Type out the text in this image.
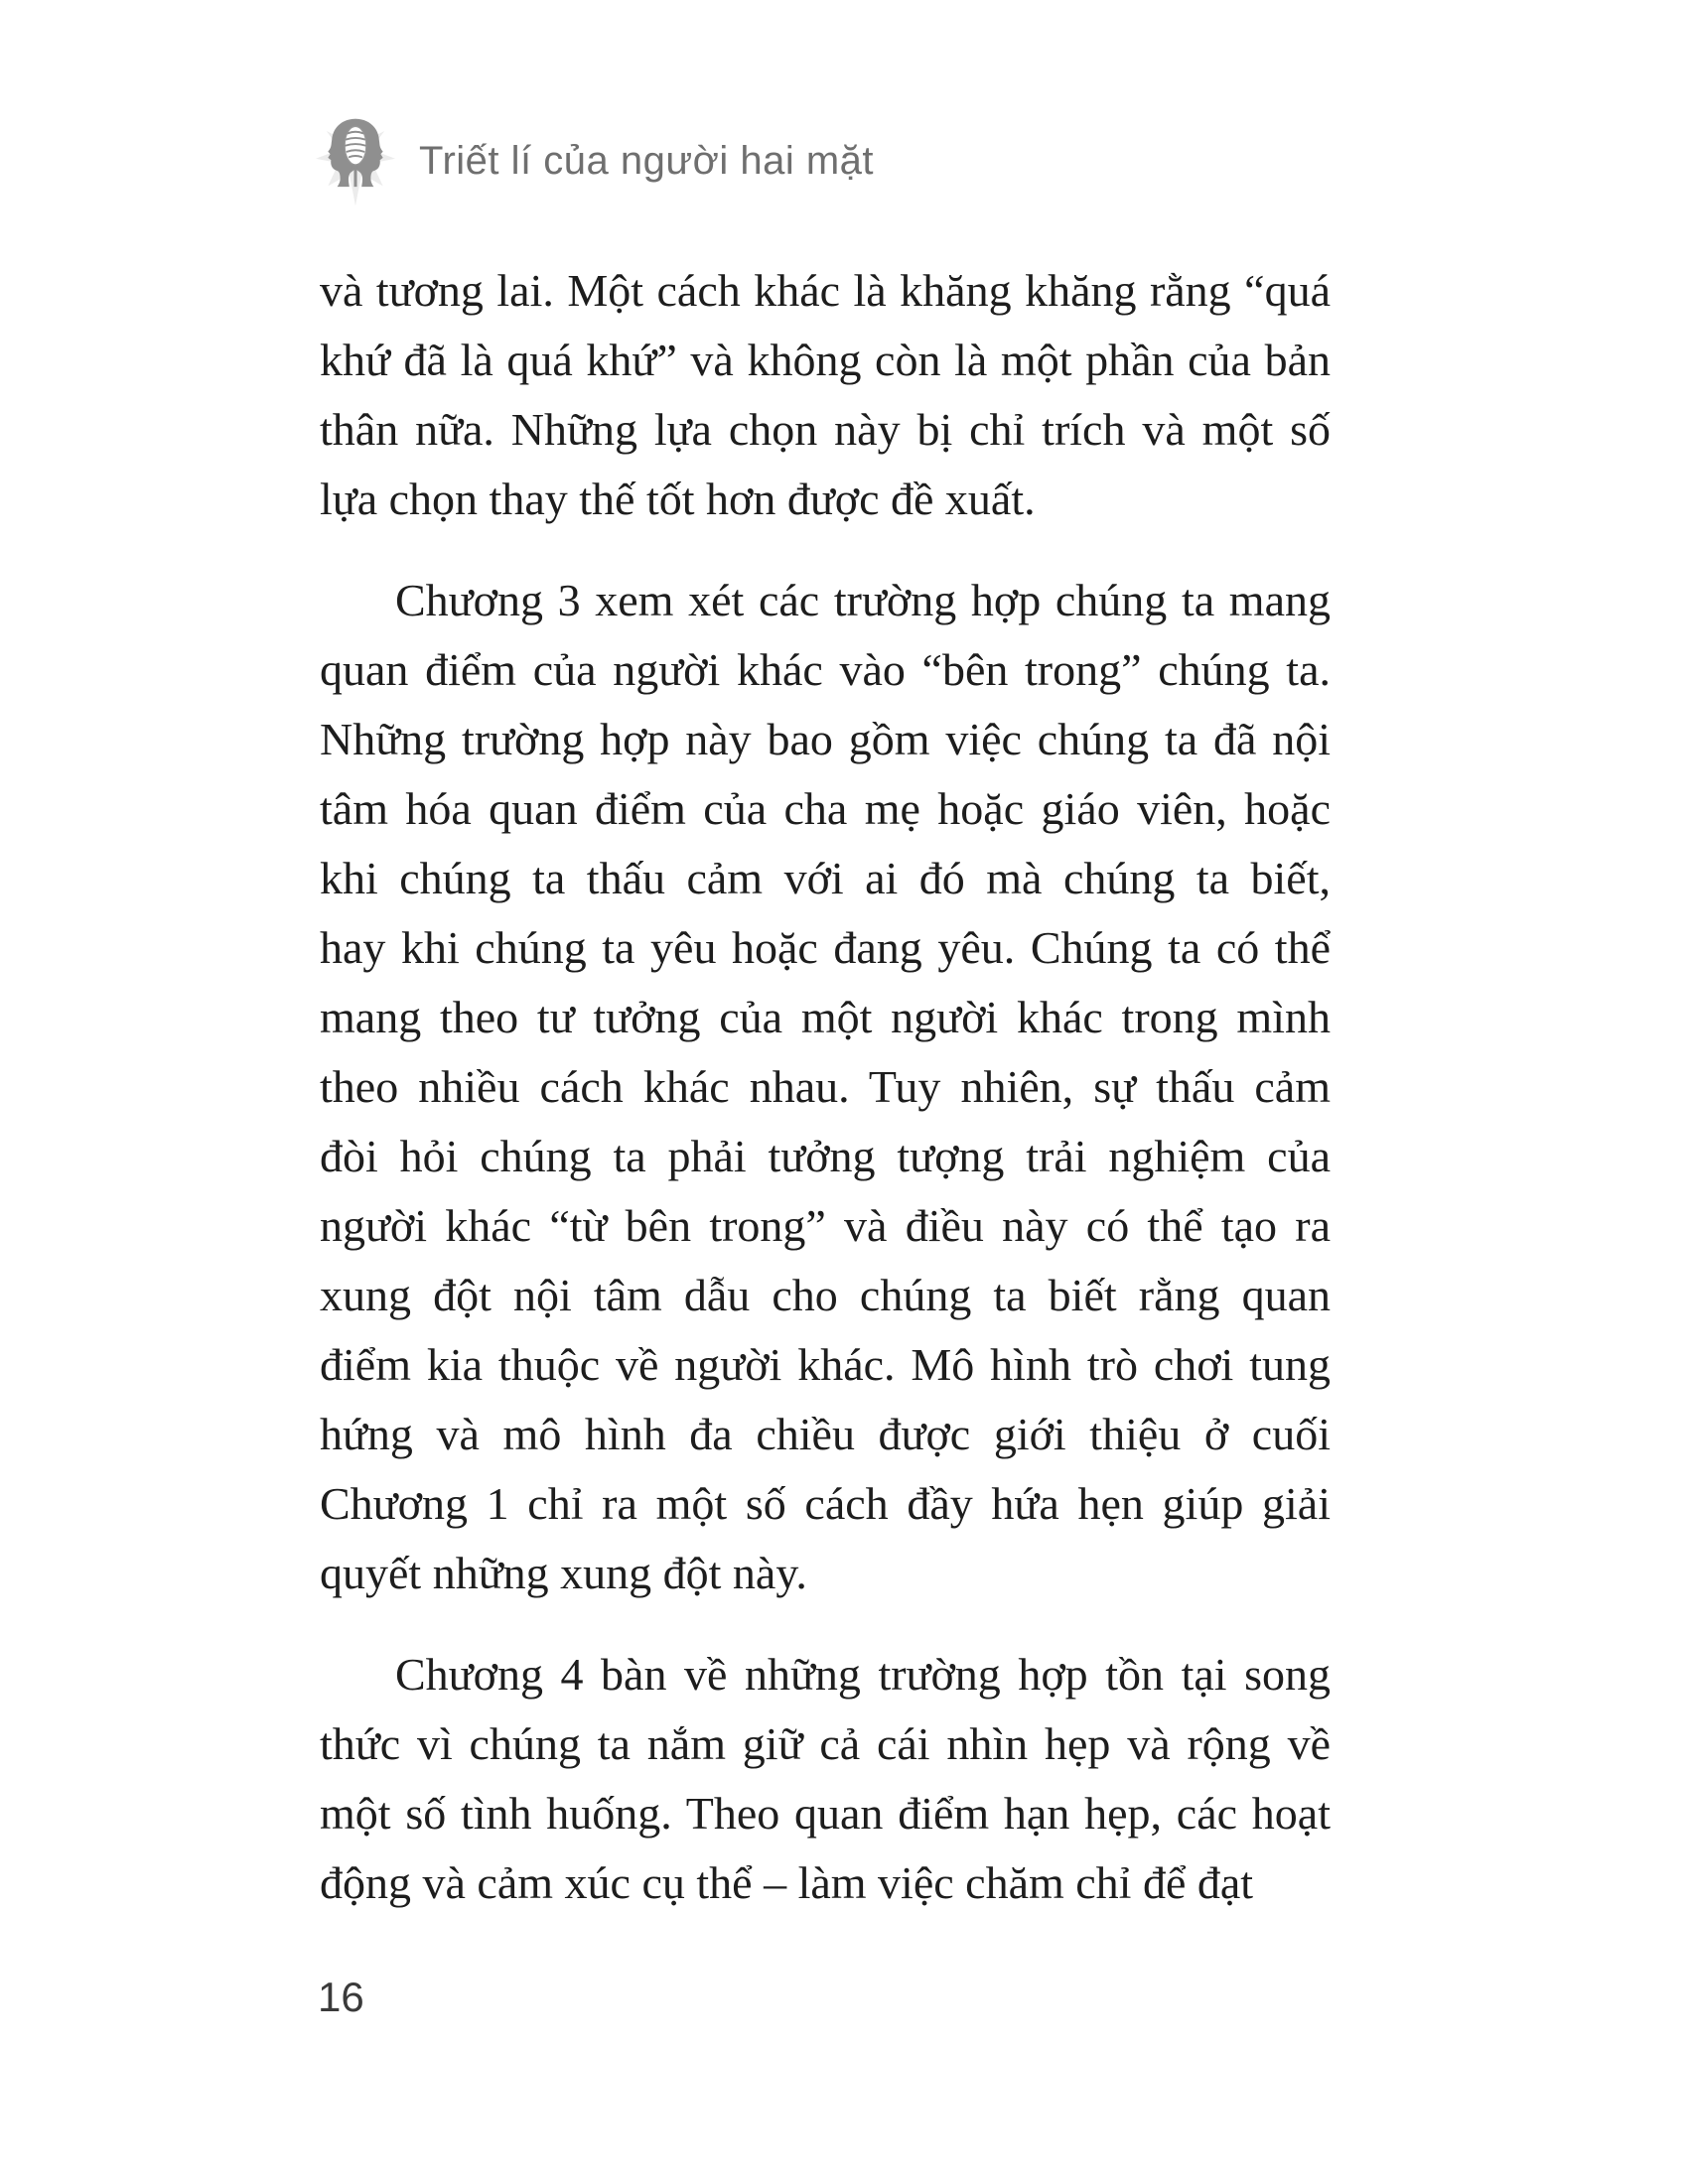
Triết lí của người hai mặt

và tương lai. Một cách khác là khăng khăng rằng “quá
khứ đã là quá khứ” và không còn là một phần của bản
thân nữa. Những lựa chọn này bị chỉ trích và một số
lựa chọn thay thế tốt hơn được đề xuất.

Chương 3 xem xét các trường hợp chúng ta mang
quan điểm của người khác vào “bên trong” chúng ta.
Những trường hợp này bao gồm việc chúng ta đã nội
tâm hóa quan điểm của cha mẹ hoặc giáo viên, hoặc
khi chúng ta thấu cảm với ai đó mà chúng ta biết,
hay khi chúng ta yêu hoặc đang yêu. Chúng ta có thể
mang theo tư tưởng của một người khác trong mình
theo nhiều cách khác nhau. Tuy nhiên, sự thấu cảm
đòi hỏi chúng ta phải tưởng tượng trải nghiệm của
người khác “từ bên trong” và điều này có thể tạo ra
xung đột nội tâm dẫu cho chúng ta biết rằng quan
điểm kia thuộc về người khác. Mô hình trò chơi tung
hứng và mô hình đa chiều được giới thiệu ở cuối
Chương 1 chỉ ra một số cách đầy hứa hẹn giúp giải
quyết những xung đột này.

Chương 4 bàn về những trường hợp tồn tại song
thức vì chúng ta nắm giữ cả cái nhìn hẹp và rộng về
một số tình huống. Theo quan điểm hạn hẹp, các hoạt
động và cảm xúc cụ thể – làm việc chăm chỉ để đạt

16
